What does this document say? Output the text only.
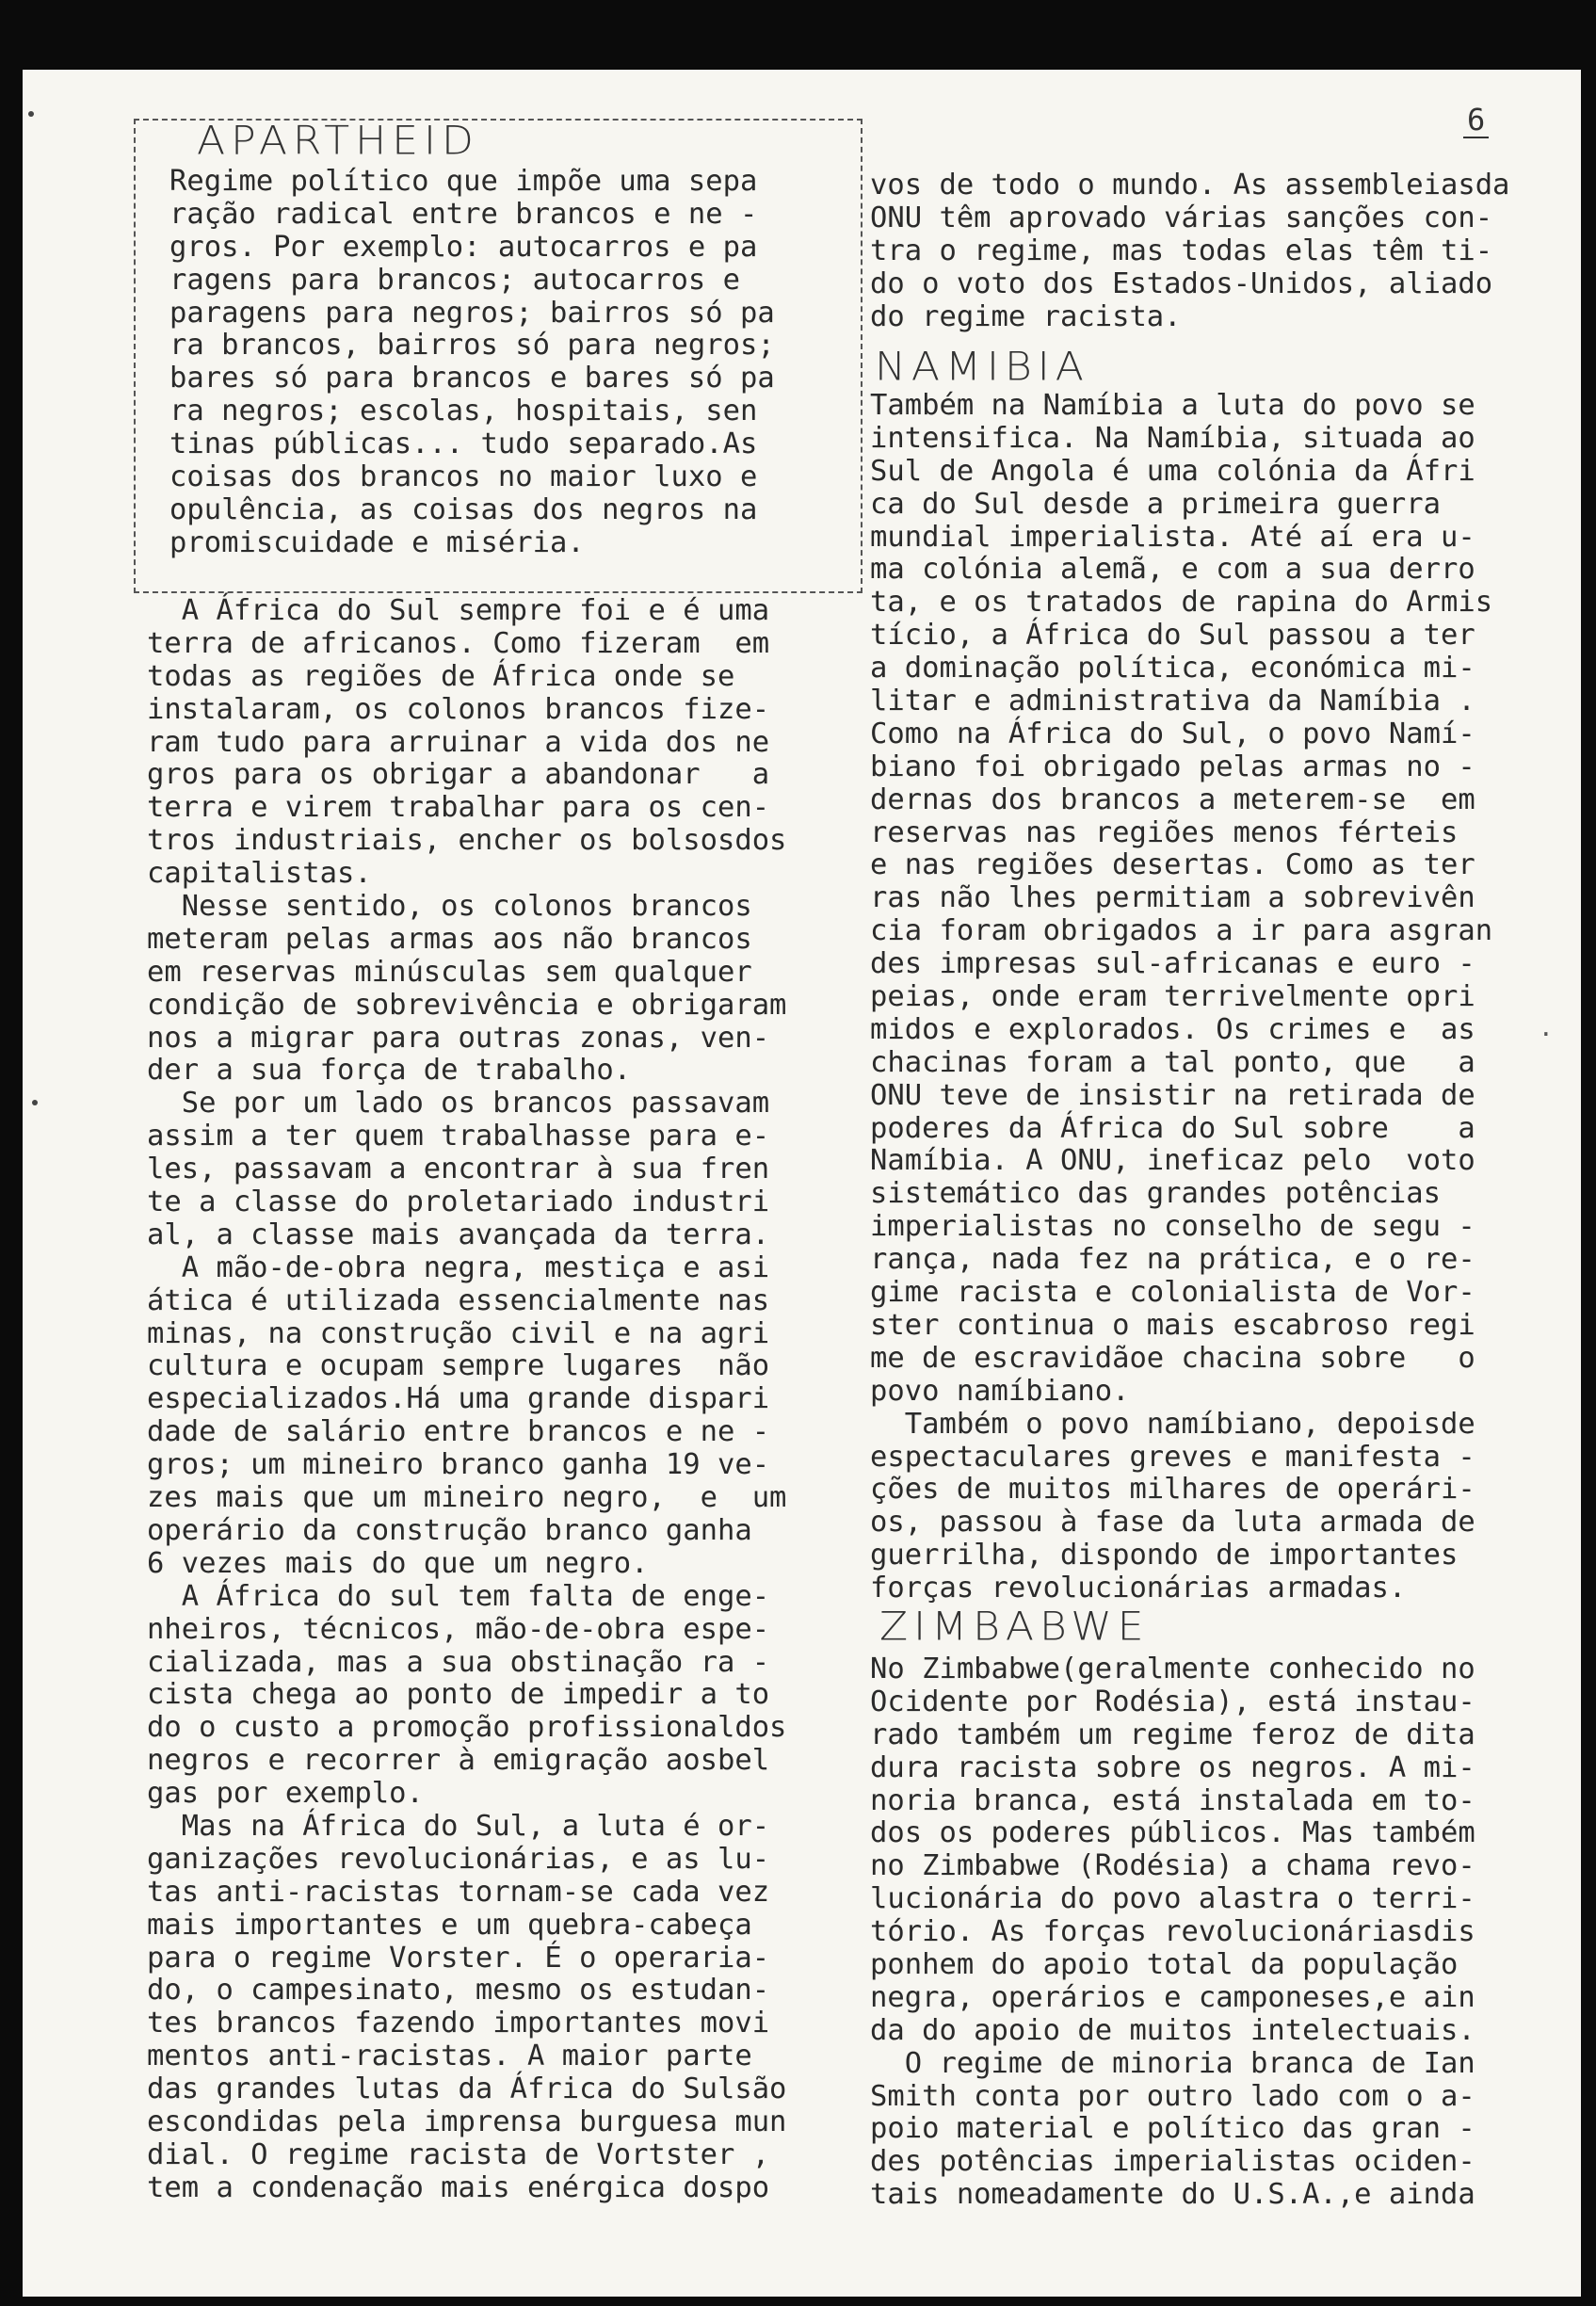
·
6
APARTHEID
Regime político que impõe uma sepa
ração radical entre brancos e ne -
gros. Por exemplo: autocarros e pa
ragens para brancos; autocarros e
paragens para negros; bairros só pa
ra brancos, bairros só para negros;
bares só para brancos e bares só pa
ra negros; escolas, hospitais, sen
tinas públicas... tudo separado.As
coisas dos brancos no maior luxo e
opulência, as coisas dos negros na
promiscuidade e miséria.
A África do Sul sempre foi e é uma
terra de africanos. Como fizeram  em
todas as regiões de África onde se
instalaram, os colonos brancos fize-
ram tudo para arruinar a vida dos ne
gros para os obrigar a abandonar   a
terra e virem trabalhar para os cen-
tros industriais, encher os bolsosdos
capitalistas.
Nesse sentido, os colonos brancos
meteram pelas armas aos não brancos
em reservas minúsculas sem qualquer
condição de sobrevivência e obrigaram
nos a migrar para outras zonas, ven-
der a sua força de trabalho.
Se por um lado os brancos passavam
assim a ter quem trabalhasse para e-
les, passavam a encontrar à sua fren
te a classe do proletariado industri
al, a classe mais avançada da terra.
A mão-de-obra negra, mestiça e asi
ática é utilizada essencialmente nas
minas, na construção civil e na agri
cultura e ocupam sempre lugares  não
especializados.Há uma grande dispari
dade de salário entre brancos e ne -
gros; um mineiro branco ganha 19 ve-
zes mais que um mineiro negro,  e  um
operário da construção branco ganha
6 vezes mais do que um negro.
A África do sul tem falta de enge-
nheiros, técnicos, mão-de-obra espe-
cializada, mas a sua obstinação ra -
cista chega ao ponto de impedir a to
do o custo a promoção profissionaldos
negros e recorrer à emigração aosbel
gas por exemplo.
Mas na África do Sul, a luta é or-
ganizações revolucionárias, e as lu-
tas anti-racistas tornam-se cada vez
mais importantes e um quebra-cabeça
para o regime Vorster. É o operaria-
do, o campesinato, mesmo os estudan-
tes brancos fazendo importantes movi
mentos anti-racistas. A maior parte
das grandes lutas da África do Sulsão
escondidas pela imprensa burguesa mun
dial. O regime racista de Vortster ,
tem a condenação mais enérgica dospo
vos de todo o mundo. As assembleiasda
ONU têm aprovado várias sanções con-
tra o regime, mas todas elas têm ti-
do o voto dos Estados-Unidos, aliado
do regime racista.
NAMIBIA
Também na Namíbia a luta do povo se
intensifica. Na Namíbia, situada ao
Sul de Angola é uma colónia da Áfri
ca do Sul desde a primeira guerra
mundial imperialista. Até aí era u-
ma colónia alemã, e com a sua derro
ta, e os tratados de rapina do Armis
tício, a África do Sul passou a ter
a dominação política, económica mi-
litar e administrativa da Namíbia .
Como na África do Sul, o povo Namí-
biano foi obrigado pelas armas no -
dernas dos brancos a meterem-se  em
reservas nas regiões menos férteis
e nas regiões desertas. Como as ter
ras não lhes permitiam a sobrevivên
cia foram obrigados a ir para asgran
des impresas sul-africanas e euro -
peias, onde eram terrivelmente opri
midos e explorados. Os crimes e  as
chacinas foram a tal ponto, que   a
ONU teve de insistir na retirada de
poderes da África do Sul sobre    a
Namíbia. A ONU, ineficaz pelo  voto
sistemático das grandes potências
imperialistas no conselho de segu -
rança, nada fez na prática, e o re-
gime racista e colonialista de Vor-
ster continua o mais escabroso regi
me de escravidãoe chacina sobre   o
povo namíbiano.
Também o povo namíbiano, depoisde
espectaculares greves e manifesta -
ções de muitos milhares de operári-
os, passou à fase da luta armada de
guerrilha, dispondo de importantes
forças revolucionárias armadas.
ZIMBABWE
No Zimbabwe(geralmente conhecido no
Ocidente por Rodésia), está instau-
rado também um regime feroz de dita
dura racista sobre os negros. A mi-
noria branca, está instalada em to-
dos os poderes públicos. Mas também
no Zimbabwe (Rodésia) a chama revo-
lucionária do povo alastra o terri-
tório. As forças revolucionáriasdis
ponhem do apoio total da população
negra, operários e camponeses,e ain
da do apoio de muitos intelectuais.
O regime de minoria branca de Ian
Smith conta por outro lado com o a-
poio material e político das gran -
des potências imperialistas ociden-
tais nomeadamente do U.S.A.,e ainda
